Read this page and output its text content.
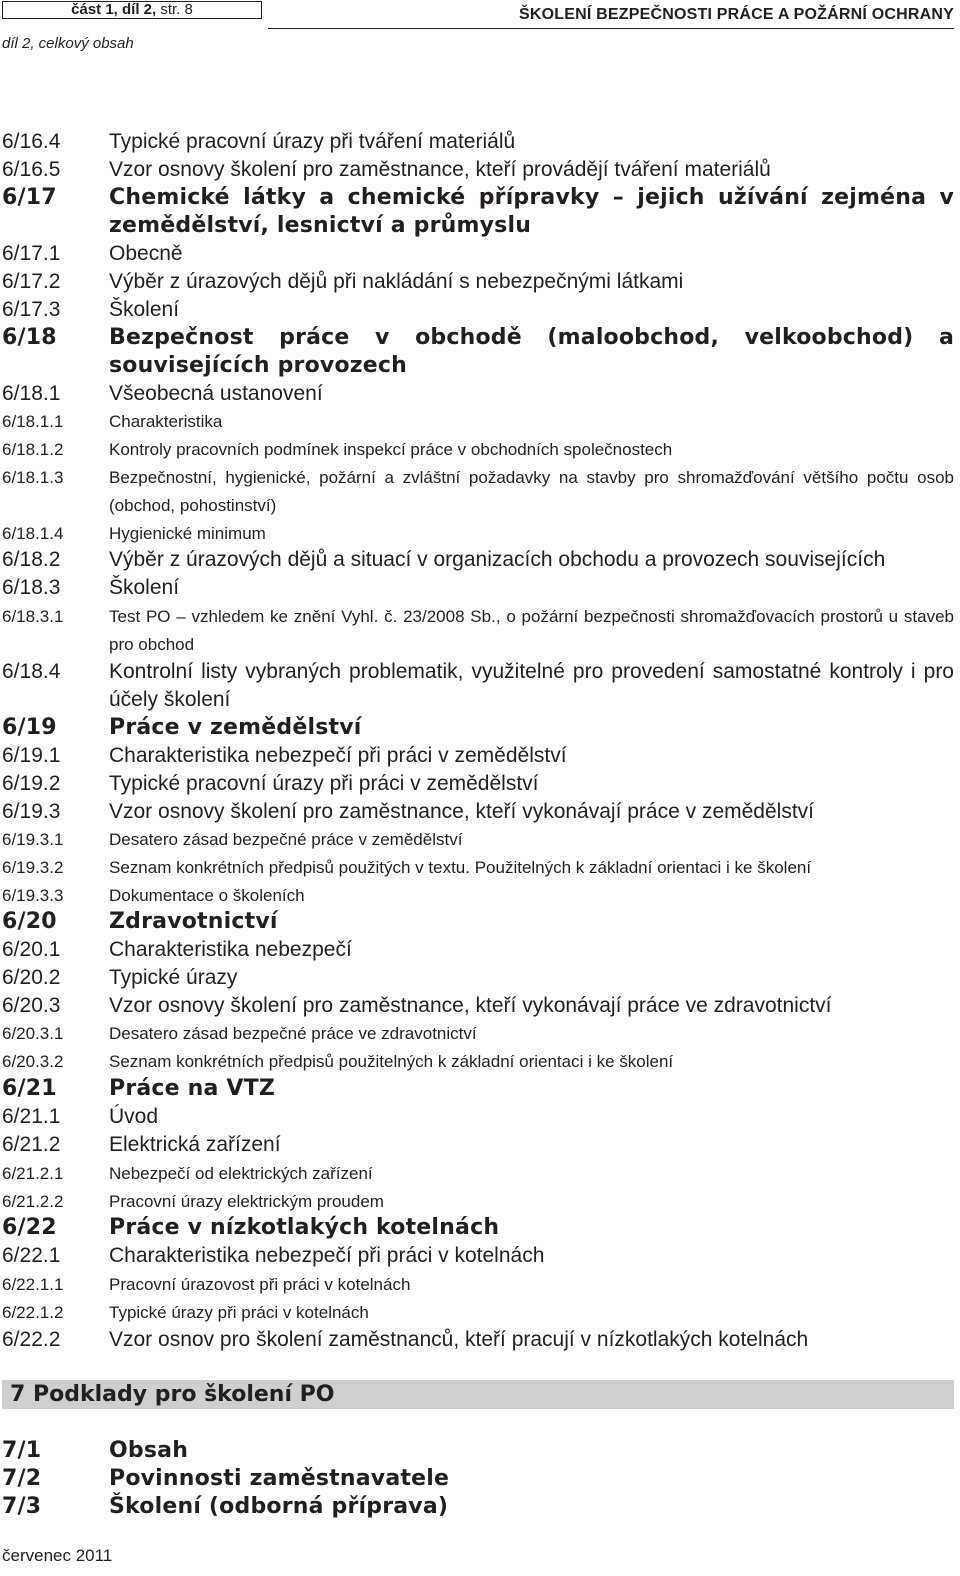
část 1, díl 2, str. 8	ŠKOLENÍ BEZPEČNOSTI PRÁCE A POŽÁRNÍ OCHRANY
díl 2, celkový obsah
6/16.4 Typické pracovní úrazy při tváření materiálů
6/16.5 Vzor osnovy školení pro zaměstnance, kteří provádějí tváření materiálů
6/17 Chemické látky a chemické přípravky – jejich užívání zejména v zemědělství, lesnictví a průmyslu
6/17.1 Obecně
6/17.2 Výběr z úrazových dějů při nakládání s nebezpečnými látkami
6/17.3 Školení
6/18 Bezpečnost práce v obchodě (maloobchod, velkoobchod) a souvisejících provozech
6/18.1 Všeobecná ustanovení
6/18.1.1	Charakteristika
6/18.1.2	Kontroly pracovních podmínek inspekcí práce v obchodních společnostech
6/18.1.3	Bezpečnostní, hygienické, požární a zvláštní požadavky na stavby pro shromažďování většího počtu osob (obchod, pohostinství)
6/18.1.4	Hygienické minimum
6/18.2 Výběr z úrazových dějů a situací v organizacích obchodu a provozech souvisejících
6/18.3 Školení
6/18.3.1	Test PO – vzhledem ke znění Vyhl. č. 23/2008 Sb., o požární bezpečnosti shromažďovacích prostorů u staveb pro obchod
6/18.4 Kontrolní listy vybraných problematik, využitelné pro provedení samostatné kontroly i pro účely školení
6/19 Práce v zemědělství
6/19.1 Charakteristika nebezpečí při práci v zemědělství
6/19.2 Typické pracovní úrazy při práci v zemědělství
6/19.3 Vzor osnovy školení pro zaměstnance, kteří vykonávají práce v zemědělství
6/19.3.1	Desatero zásad bezpečné práce v zemědělství
6/19.3.2	Seznam konkrétních předpisů použitých v textu. Použitelných k základní orientaci i ke školení
6/19.3.3	Dokumentace o školeních
6/20 Zdravotnictví
6/20.1 Charakteristika nebezpečí
6/20.2 Typické úrazy
6/20.3 Vzor osnovy školení pro zaměstnance, kteří vykonávají práce ve zdravotnictví
6/20.3.1	Desatero zásad bezpečné práce ve zdravotnictví
6/20.3.2	Seznam konkrétních předpisů použitelných k základní orientaci i ke školení
6/21 Práce na VTZ
6/21.1 Úvod
6/21.2 Elektrická zařízení
6/21.2.1	Nebezpečí od elektrických zařízení
6/21.2.2	Pracovní úrazy elektrickým proudem
6/22 Práce v nízkotlakých kotelnách
6/22.1 Charakteristika nebezpečí při práci v kotelnách
6/22.1.1	Pracovní úrazovost při práci v kotelnách
6/22.1.2	Typické úrazy při práci v kotelnách
6/22.2 Vzor osnov pro školení zaměstnanců, kteří pracují v nízkotlakých kotelnách
7 Podklady pro školení PO
7/1	Obsah
7/2	Povinnosti zaměstnavatele
7/3	Školení (odborná příprava)
červenec 2011
